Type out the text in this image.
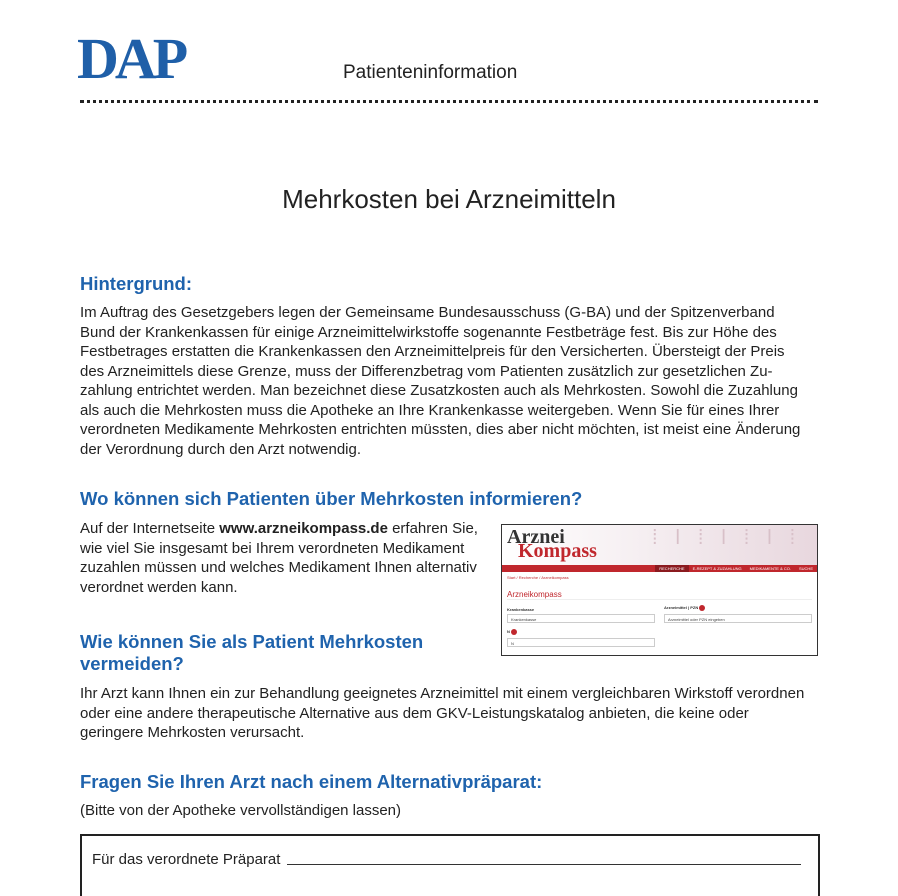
DAP	Patienteninformation
Mehrkosten bei Arzneimitteln
Hintergrund:
Im Auftrag des Gesetzgebers legen der Gemeinsame Bundesausschuss (G-BA) und der Spitzenverband
Bund der Krankenkassen für einige Arzneimittelwirkstoffe sogenannte Festbeträge fest. Bis zur Höhe des
Festbetrages erstatten die Krankenkassen den Arzneimittelpreis für den Versicherten. Übersteigt der Preis
des Arzneimittels diese Grenze, muss der Differenzbetrag vom Patienten zusätzlich zur gesetzlichen Zu-
zahlung entrichtet werden. Man bezeichnet diese Zusatzkosten auch als Mehrkosten. Sowohl die Zuzahlung
als auch die Mehrkosten muss die Apotheke an Ihre Krankenkasse weitergeben. Wenn Sie für eines Ihrer
verordneten Medikamente Mehrkosten entrichten müssten, dies aber nicht möchten, ist meist eine Änderung
der Verordnung durch den Arzt notwendig.
Wo können sich Patienten über Mehrkosten informieren?
Auf der Internetseite www.arzneikompass.de erfahren Sie,
wie viel Sie insgesamt bei Ihrem verordneten Medikament
zuzahlen müssen und welches Medikament Ihnen alternativ
verordnet werden kann.
⁞ ǀ ⁞ ǀ ⁞ ǀ ⁞
Arznei
Kompass
RECHERCHE	E-REZEPT & ZUZAHLUNG	MEDIKAMENTE & CO.	SUCHE
Start / Recherche / Arzneikompass
Arzneikompass
Krankenkasse
Krankenkasse
Arzneimittel | PZN
Arzneimittel oder PZN eingeben
N
N
Wie können Sie als Patient Mehrkosten
vermeiden?
Ihr Arzt kann Ihnen ein zur Behandlung geeignetes Arzneimittel mit einem vergleichbaren Wirkstoff verordnen
oder eine andere therapeutische Alternative aus dem GKV-Leistungskatalog anbieten, die keine oder
geringere Mehrkosten verursacht.
Fragen Sie Ihren Arzt nach einem Alternativpräparat:
(Bitte von der Apotheke vervollständigen lassen)
Für das verordnete Präparat
